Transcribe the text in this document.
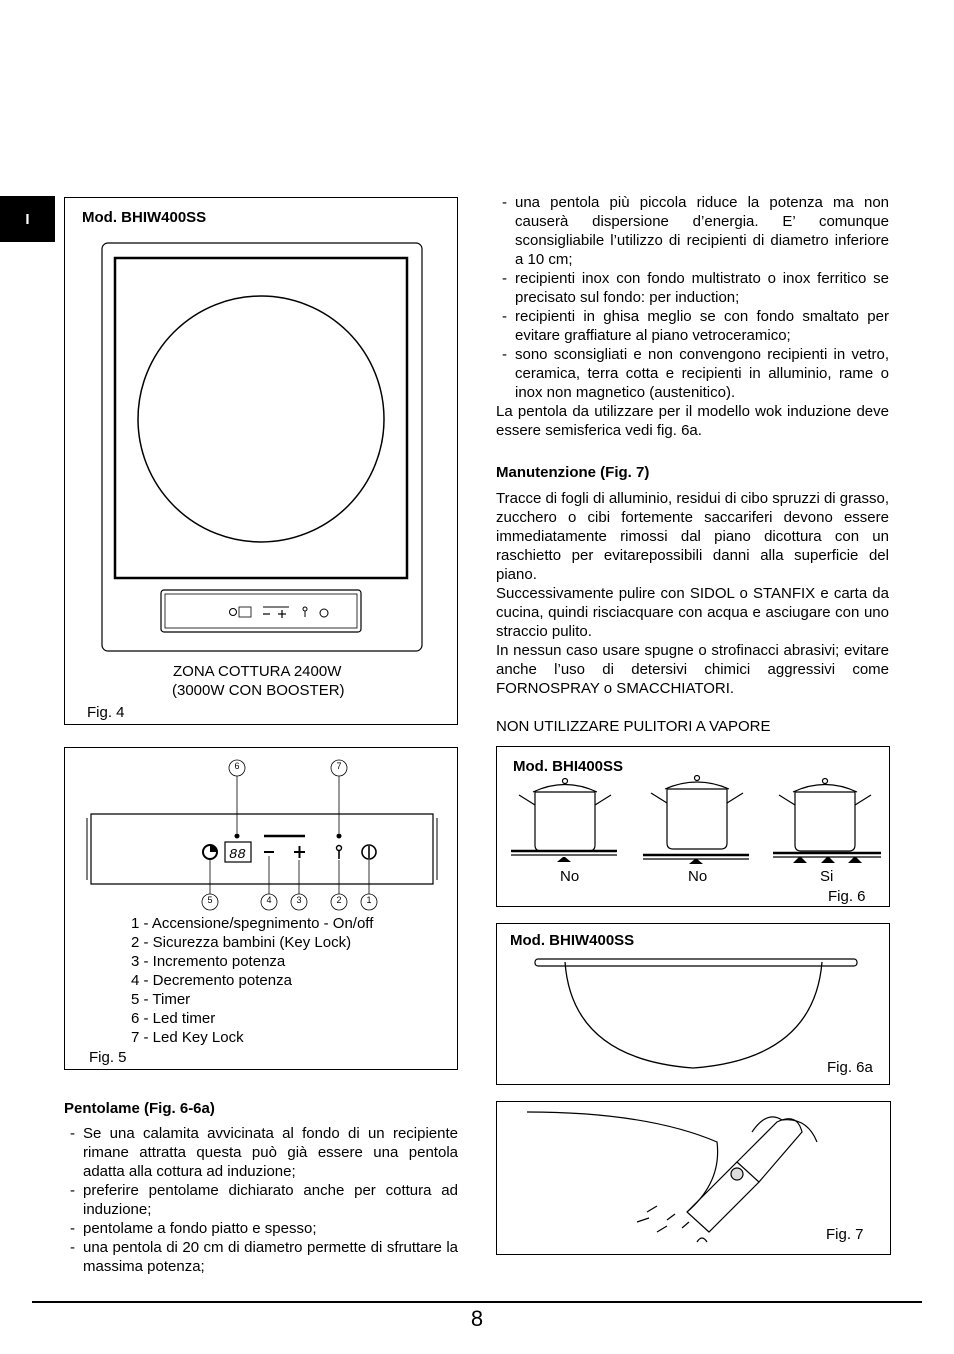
I	Mod. BHIW400SS
ZONA COTTURA 2400W
(3000W CON BOOSTER)
Fig. 4
88
6	7
5	4	3	2	1
1 - Accensione/spegnimento - On/off
2 - Sicurezza bambini (Key Lock)
3 - Incremento potenza
4 - Decremento potenza
5 - Timer
6 - Led timer
7 - Led Key Lock
Fig. 5
Pentolame (Fig. 6-6a)
- Se una calamita avvicinata al fondo di un recipiente rimane attratta questa può già essere una pentola adatta alla cottura ad induzione;
- preferire pentolame dichiarato anche per cottura ad induzione;
- pentolame a fondo piatto e spesso;
- una pentola di 20 cm di diametro permette di sfruttare la massima potenza;
- una pentola più piccola riduce la potenza ma non causerà dispersione d’energia. E’ comunque sconsigliabile l’utilizzo di recipienti di diametro inferiore a 10 cm;
- recipienti inox con fondo multistrato o inox ferritico se precisato sul fondo: per induction;
- recipienti in ghisa meglio se con fondo smaltato per evitare graffiature al piano vetroceramico;
- sono sconsigliati e non convengono recipienti in vetro, ceramica, terra cotta e recipienti in alluminio, rame o inox non magnetico (austenitico).

La pentola da utilizzare per il modello wok induzione deve essere semisferica vedi fig. 6a.

Manutenzione (Fig. 7)

Tracce di fogli di alluminio, residui di cibo spruzzi di grasso, zucchero o cibi fortemente saccariferi devono essere immediatamente rimossi dal piano dicottura con un raschietto per evitarepossibili danni alla superficie del piano.

Successivamente pulire con SIDOL o STANFIX e carta da cucina, quindi risciacquare con acqua e asciugare con uno straccio pulito.

In nessun caso usare spugne o strofinacci abrasivi; evitare anche l’uso di detersivi chimici aggressivi come FORNOSPRAY o SMACCHIATORI.

NON UTILIZZARE PULITORI A VAPORE

Mod. BHI400SS
No	No	Si
Fig. 6
Mod. BHIW400SS
Fig. 6a
Fig. 7
8
